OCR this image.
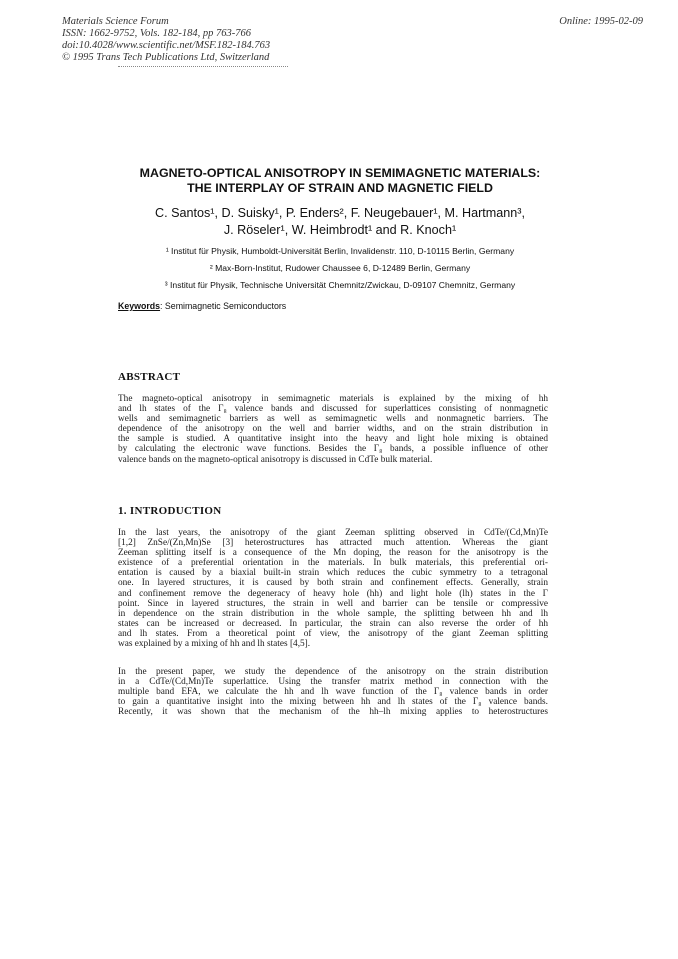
Materials Science Forum
ISSN: 1662-9752, Vols. 182-184, pp 763-766
doi:10.4028/www.scientific.net/MSF.182-184.763
© 1995 Trans Tech Publications Ltd, Switzerland
Online: 1995-02-09
MAGNETO-OPTICAL ANISOTROPY IN SEMIMAGNETIC MATERIALS:
THE INTERPLAY OF STRAIN AND MAGNETIC FIELD
C. Santos¹, D. Suisky¹, P. Enders², F. Neugebauer¹, M. Hartmann³,
J. Röseler¹, W. Heimbrodt¹ and R. Knoch¹
¹ Institut für Physik, Humboldt-Universität Berlin, Invalidenstr. 110, D-10115 Berlin, Germany
² Max-Born-Institut, Rudower Chaussee 6, D-12489 Berlin, Germany
³ Institut für Physik, Technische Universität Chemnitz/Zwickau, D-09107 Chemnitz, Germany
Keywords: Semimagnetic Semiconductors
ABSTRACT
The magneto-optical anisotropy in semimagnetic materials is explained by the mixing of hh
and lh states of the Γ₈ valence bands and discussed for superlattices consisting of nonmagnetic
wells and semimagnetic barriers as well as semimagnetic wells and nonmagnetic barriers. The
dependence of the anisotropy on the well and barrier widths, and on the strain distribution in
the sample is studied. A quantitative insight into the heavy and light hole mixing is obtained
by calculating the electronic wave functions. Besides the Γ₈ bands, a possible influence of other
valence bands on the magneto-optical anisotropy is discussed in CdTe bulk material.
1. INTRODUCTION
In the last years, the anisotropy of the giant Zeeman splitting observed in CdTe/(Cd,Mn)Te
[1,2] ZnSe/(Zn,Mn)Se [3] heterostructures has attracted much attention. Whereas the giant
Zeeman splitting itself is a consequence of the Mn doping, the reason for the anisotropy is the
existence of a preferential orientation in the materials. In bulk materials, this preferential ori-
entation is caused by a biaxial built-in strain which reduces the cubic symmetry to a tetragonal
one. In layered structures, it is caused by both strain and confinement effects. Generally, strain
and confinement remove the degeneracy of heavy hole (hh) and light hole (lh) states in the Γ
point. Since in layered structures, the strain in well and barrier can be tensile or compressive
in dependence on the strain distribution in the whole sample, the splitting between hh and lh
states can be increased or decreased. In particular, the strain can also reverse the order of hh
and lh states. From a theoretical point of view, the anisotropy of the giant Zeeman splitting
was explained by a mixing of hh and lh states [4,5].
In the present paper, we study the dependence of the anisotropy on the strain distribution
in a CdTe/(Cd,Mn)Te superlattice. Using the transfer matrix method in connection with the
multiple band EFA, we calculate the hh and lh wave function of the Γ₈ valence bands in order
to gain a quantitative insight into the mixing between hh and lh states of the Γ₈ valence bands.
Recently, it was shown that the mechanism of the hh–lh mixing applies to heterostructures
